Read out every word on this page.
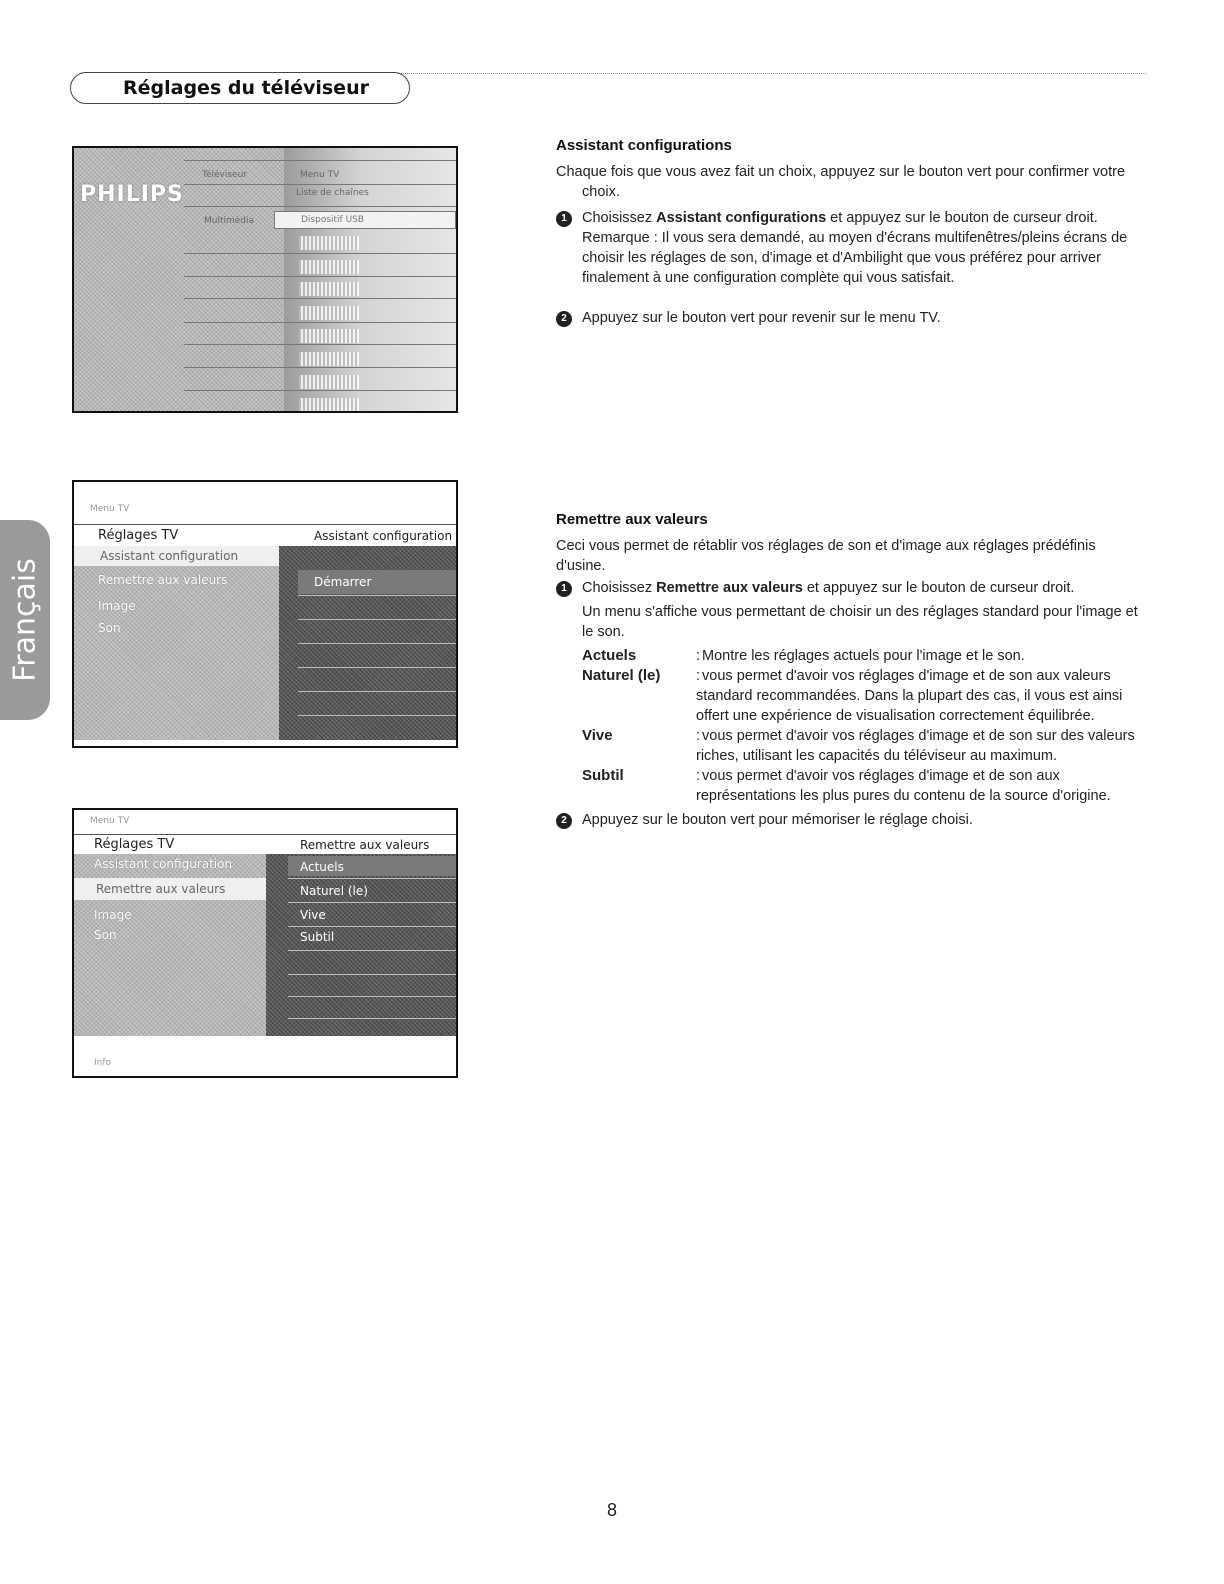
Réglages du téléviseur
Français
PHILIPS
Téléviseur
Multimédia
Menu TV
Liste de chaînes
Dispositif USB
Menu TV
Réglages TV	Assistant configuration
Assistant configuration
Remettre aux valeurs
Image
Son
Démarrer
Menu TV
Réglages TV	Remettre aux valeurs
Assistant configuration
Remettre aux valeurs
Image
Son
Actuels
Naturel (le)
Vive
Subtil
Info
Assistant configurations

Chaque fois que vous avez fait un choix, appuyez sur le bouton vert pour confirmer votre choix.

1	Choisissez Assistant configurations et appuyez sur le bouton de curseur droit.

Remarque : Il vous sera demandé, au moyen d'écrans multifenêtres/pleins écrans de choisir les réglages de son, d'image et d'Ambilight que vous préférez pour arriver finalement à une configuration complète qui vous satisfait.

2	Appuyez sur le bouton vert pour revenir sur le menu TV.

Remettre aux valeurs

Ceci vous permet de rétablir vos réglages de son et d'image aux réglages prédéfinis d'usine.

1	Choisissez Remettre aux valeurs et appuyez sur le bouton de curseur droit.

Un menu s'affiche vous permettant de choisir un des réglages standard pour l'image et le son.

Actuels	: Montre les réglages actuels pour l'image et le son.
Naturel (le)	: vous permet d'avoir vos réglages d'image et de son aux valeurs standard recommandées. Dans la plupart des cas, il vous est ainsi offert une expérience de visualisation correctement équilibrée.
Vive	: vous permet d'avoir vos réglages d'image et de son sur des valeurs riches, utilisant les capacités du téléviseur au maximum.
Subtil	: vous permet d'avoir vos réglages d'image et de son aux représentations les plus pures du contenu de la source d'origine.
2	Appuyez sur le bouton vert pour mémoriser le réglage choisi.

8
